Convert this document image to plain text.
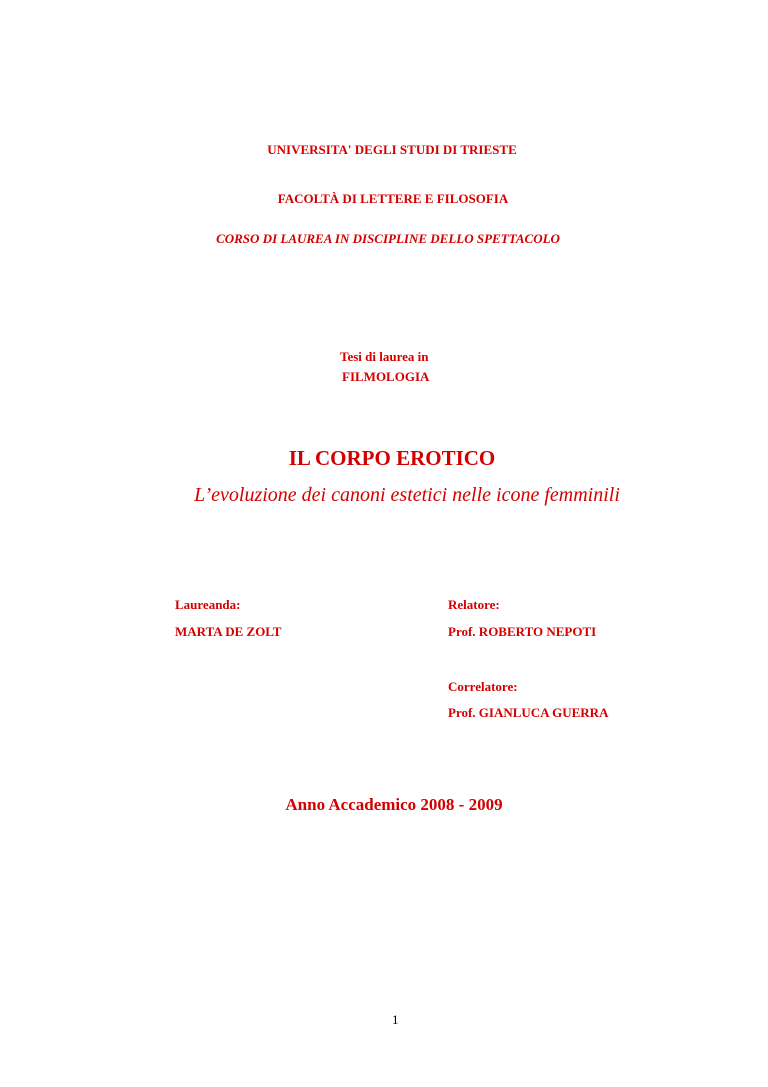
UNIVERSITA' DEGLI STUDI DI TRIESTE
FACOLTÀ DI LETTERE E FILOSOFIA
CORSO DI LAUREA IN DISCIPLINE DELLO SPETTACOLO
Tesi di laurea in
FILMOLOGIA
IL CORPO EROTICO
L’evoluzione dei canoni estetici nelle icone femminili
Laureanda:
MARTA DE ZOLT
Relatore:
Prof. ROBERTO NEPOTI
Correlatore:
Prof. GIANLUCA GUERRA
Anno Accademico 2008 - 2009
1
